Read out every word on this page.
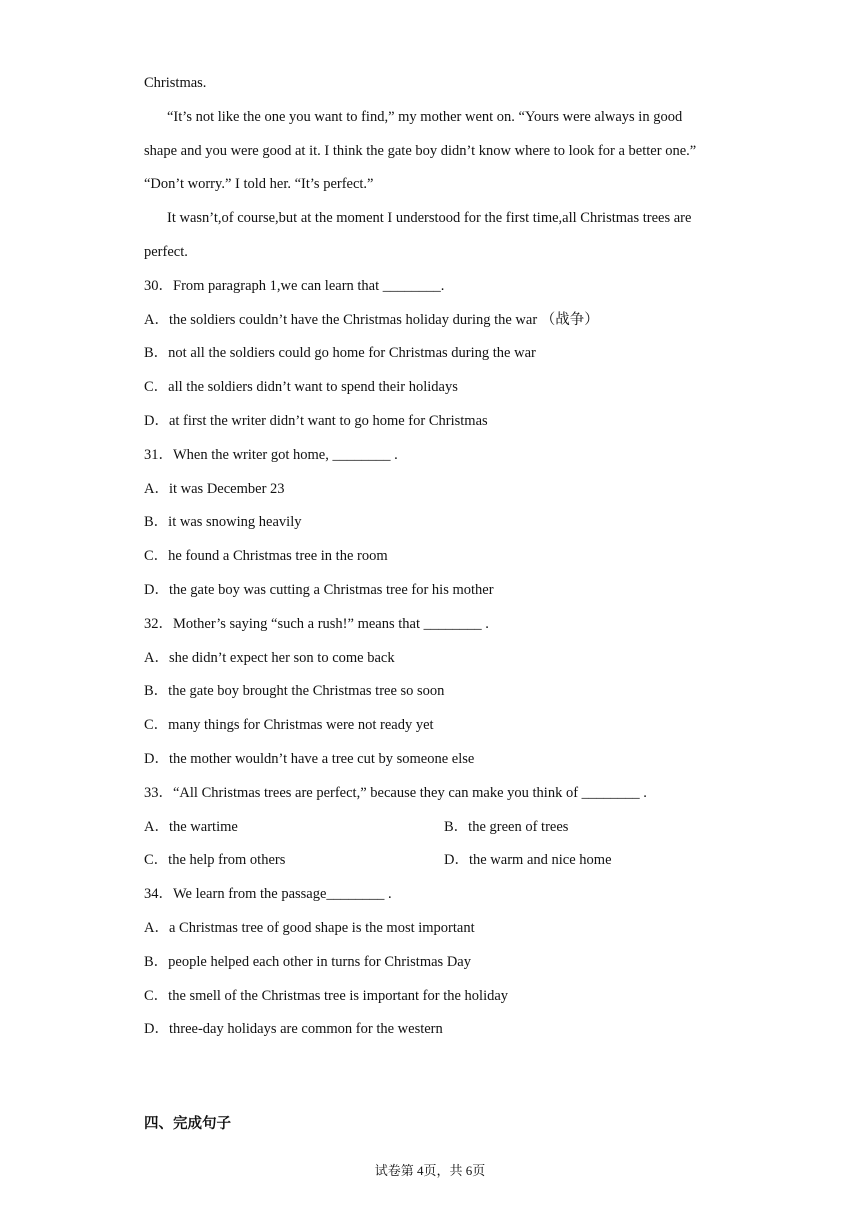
Christmas.
“It’s not like the one you want to find,” my mother went on. “Yours were always in good
shape and you were good at it. I think the gate boy didn’t know where to look for a better one.”
“Don’t worry.” I told her. “It’s perfect.”
It wasn’t,of course,but at the moment I understood for the first time,all Christmas trees are
perfect.
30．From paragraph 1,we can learn that ________.
A．the soldiers couldn’t have the Christmas holiday during the war （战争）
B．not all the soldiers could go home for Christmas during the war
C．all the soldiers didn’t want to spend their holidays
D．at first the writer didn’t want to go home for Christmas
31．When the writer got home, ________ .
A．it was December 23
B．it was snowing heavily
C．he found a Christmas tree in the room
D．the gate boy was cutting a Christmas tree for his mother
32．Mother’s saying “such a rush!” means that ________ .
A．she didn’t expect her son to come back
B．the gate boy brought the Christmas tree so soon
C．many things for Christmas were not ready yet
D．the mother wouldn’t have a tree cut by someone else
33．“All Christmas trees are perfect,” because they can make you think of ________ .
A．the wartime	B．the green of trees
C．the help from others	D．the warm and nice home
34．We learn from the passage________ .
A．a Christmas tree of good shape is the most important
B．people helped each other in turns for Christmas Day
C．the smell of the Christmas tree is important for the holiday
D．three-day holidays are common for the western
四、完成句子
试卷第 4页，共 6页
